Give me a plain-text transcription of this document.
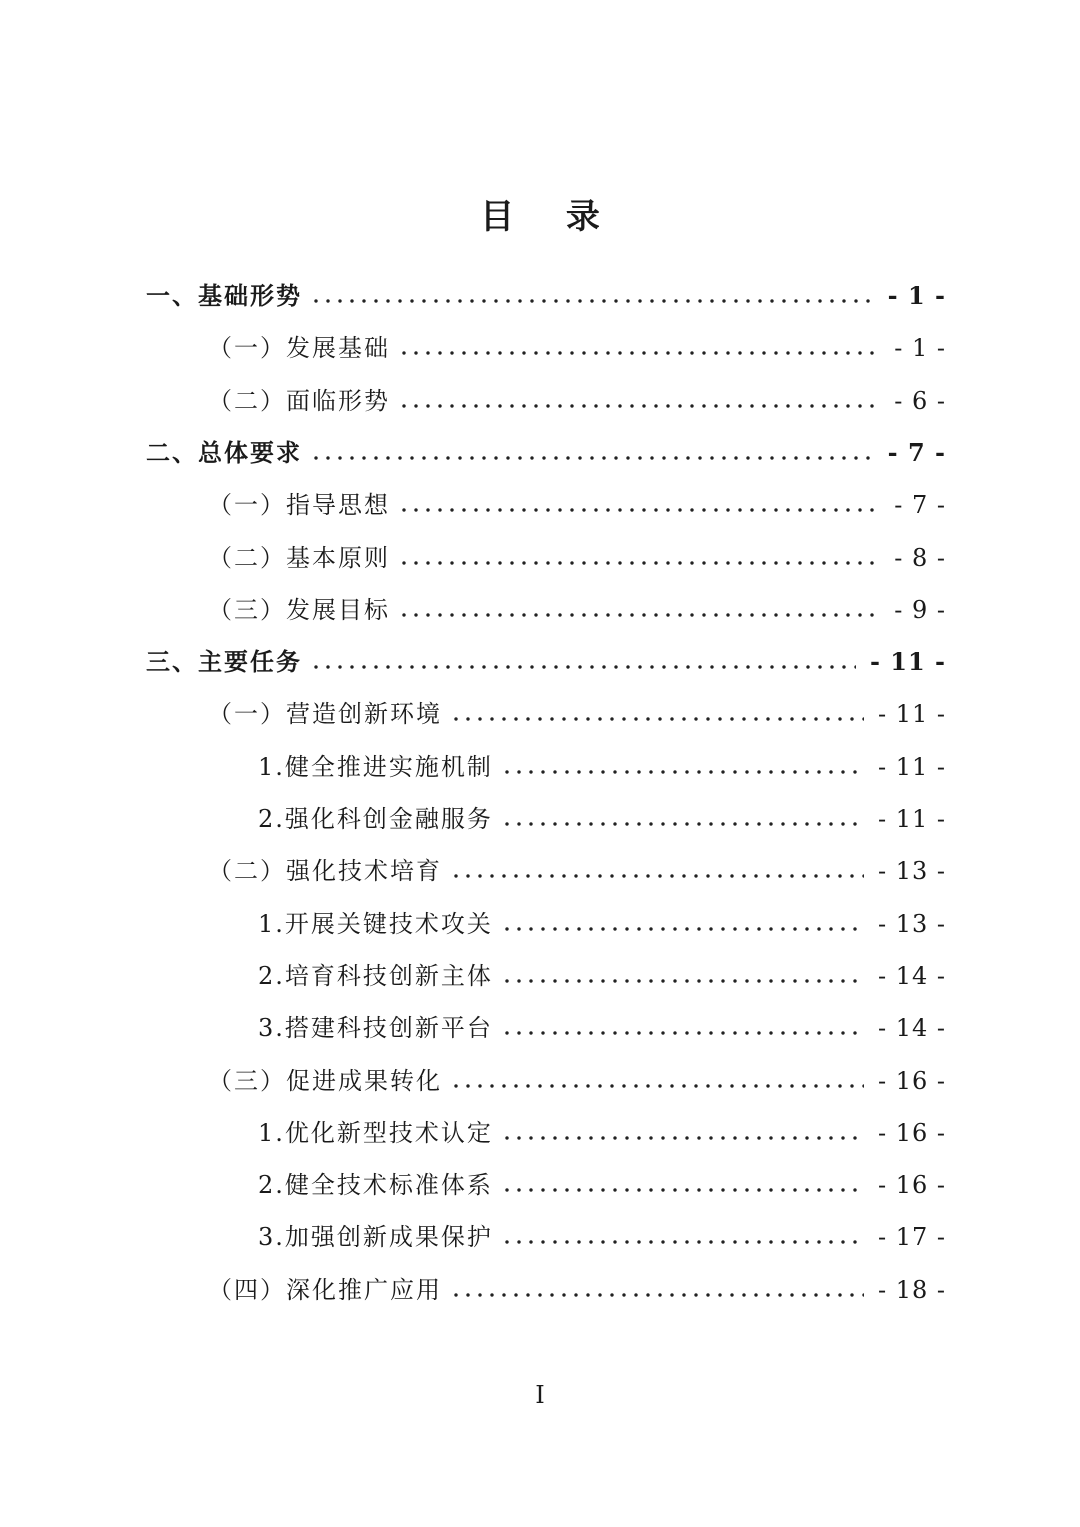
目 录
一、基础形势	- 1 -
（一）发展基础	- 1 -
（二）面临形势	- 6 -
二、总体要求	- 7 -
（一）指导思想	- 7 -
（二）基本原则	- 8 -
（三）发展目标	- 9 -
三、主要任务	- 11 -
（一）营造创新环境	- 11 -
1.健全推进实施机制	- 11 -
2.强化科创金融服务	- 11 -
（二）强化技术培育	- 13 -
1.开展关键技术攻关	- 13 -
2.培育科技创新主体	- 14 -
3.搭建科技创新平台	- 14 -
（三）促进成果转化	- 16 -
1.优化新型技术认定	- 16 -
2.健全技术标准体系	- 16 -
3.加强创新成果保护	- 17 -
（四）深化推广应用	- 18 -
I
